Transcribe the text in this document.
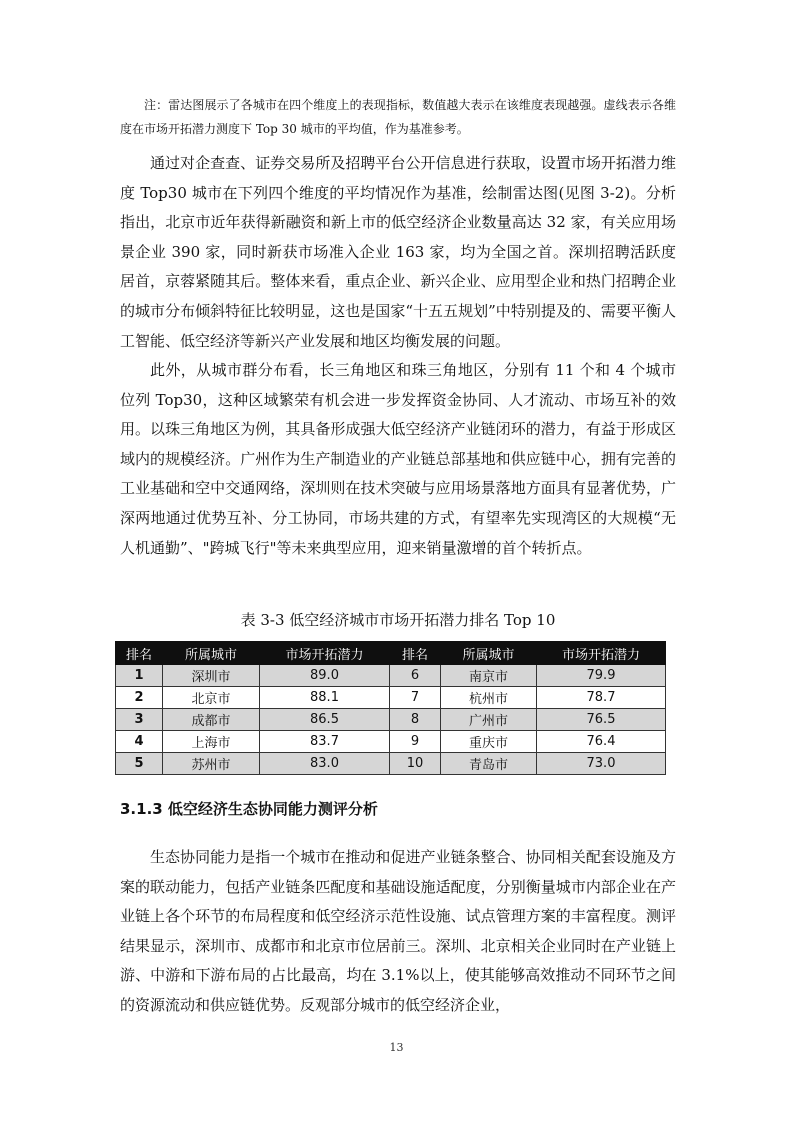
注：雷达图展示了各城市在四个维度上的表现指标，数值越大表示在该维度表现越强。虚线表示各维度在市场开拓潜力测度下 Top 30 城市的平均值，作为基准参考。

通过对企查查、证券交易所及招聘平台公开信息进行获取，设置市场开拓潜力维度 Top30 城市在下列四个维度的平均情况作为基准，绘制雷达图(见图 3-2)。分析指出，北京市近年获得新融资和新上市的低空经济企业数量高达 32 家，有关应用场景企业 390 家，同时新获市场准入企业 163 家，均为全国之首。深圳招聘活跃度居首，京蓉紧随其后。整体来看，重点企业、新兴企业、应用型企业和热门招聘企业的城市分布倾斜特征比较明显，这也是国家“十五五规划”中特别提及的、需要平衡人工智能、低空经济等新兴产业发展和地区均衡发展的问题。

此外，从城市群分布看，长三角地区和珠三角地区，分别有 11 个和 4 个城市位列 Top30，这种区域繁荣有机会进一步发挥资金协同、人才流动、市场互补的效用。以珠三角地区为例，其具备形成强大低空经济产业链闭环的潜力，有益于形成区域内的规模经济。广州作为生产制造业的产业链总部基地和供应链中心，拥有完善的工业基础和空中交通网络，深圳则在技术突破与应用场景落地方面具有显著优势，广深两地通过优势互补、分工协同，市场共建的方式，有望率先实现湾区的大规模“无人机通勤”、"跨城飞行"等未来典型应用，迎来销量激增的首个转折点。

表 3-3 低空经济城市市场开拓潜力排名 Top 10

排名	所属城市	市场开拓潜力	排名	所属城市	市场开拓潜力
1	深圳市	89.0	6	南京市	79.9
2	北京市	88.1	7	杭州市	78.7
3	成都市	86.5	8	广州市	76.5
4	上海市	83.7	9	重庆市	76.4
5	苏州市	83.0	10	青岛市	73.0
3.1.3 低空经济生态协同能力测评分析

生态协同能力是指一个城市在推动和促进产业链条整合、协同相关配套设施及方案的联动能力，包括产业链条匹配度和基础设施适配度，分别衡量城市内部企业在产业链上各个环节的布局程度和低空经济示范性设施、试点管理方案的丰富程度。测评结果显示，深圳市、成都市和北京市位居前三。深圳、北京相关企业同时在产业链上游、中游和下游布局的占比最高，均在 3.1%以上，使其能够高效推动不同环节之间的资源流动和供应链优势。反观部分城市的低空经济企业，

13
